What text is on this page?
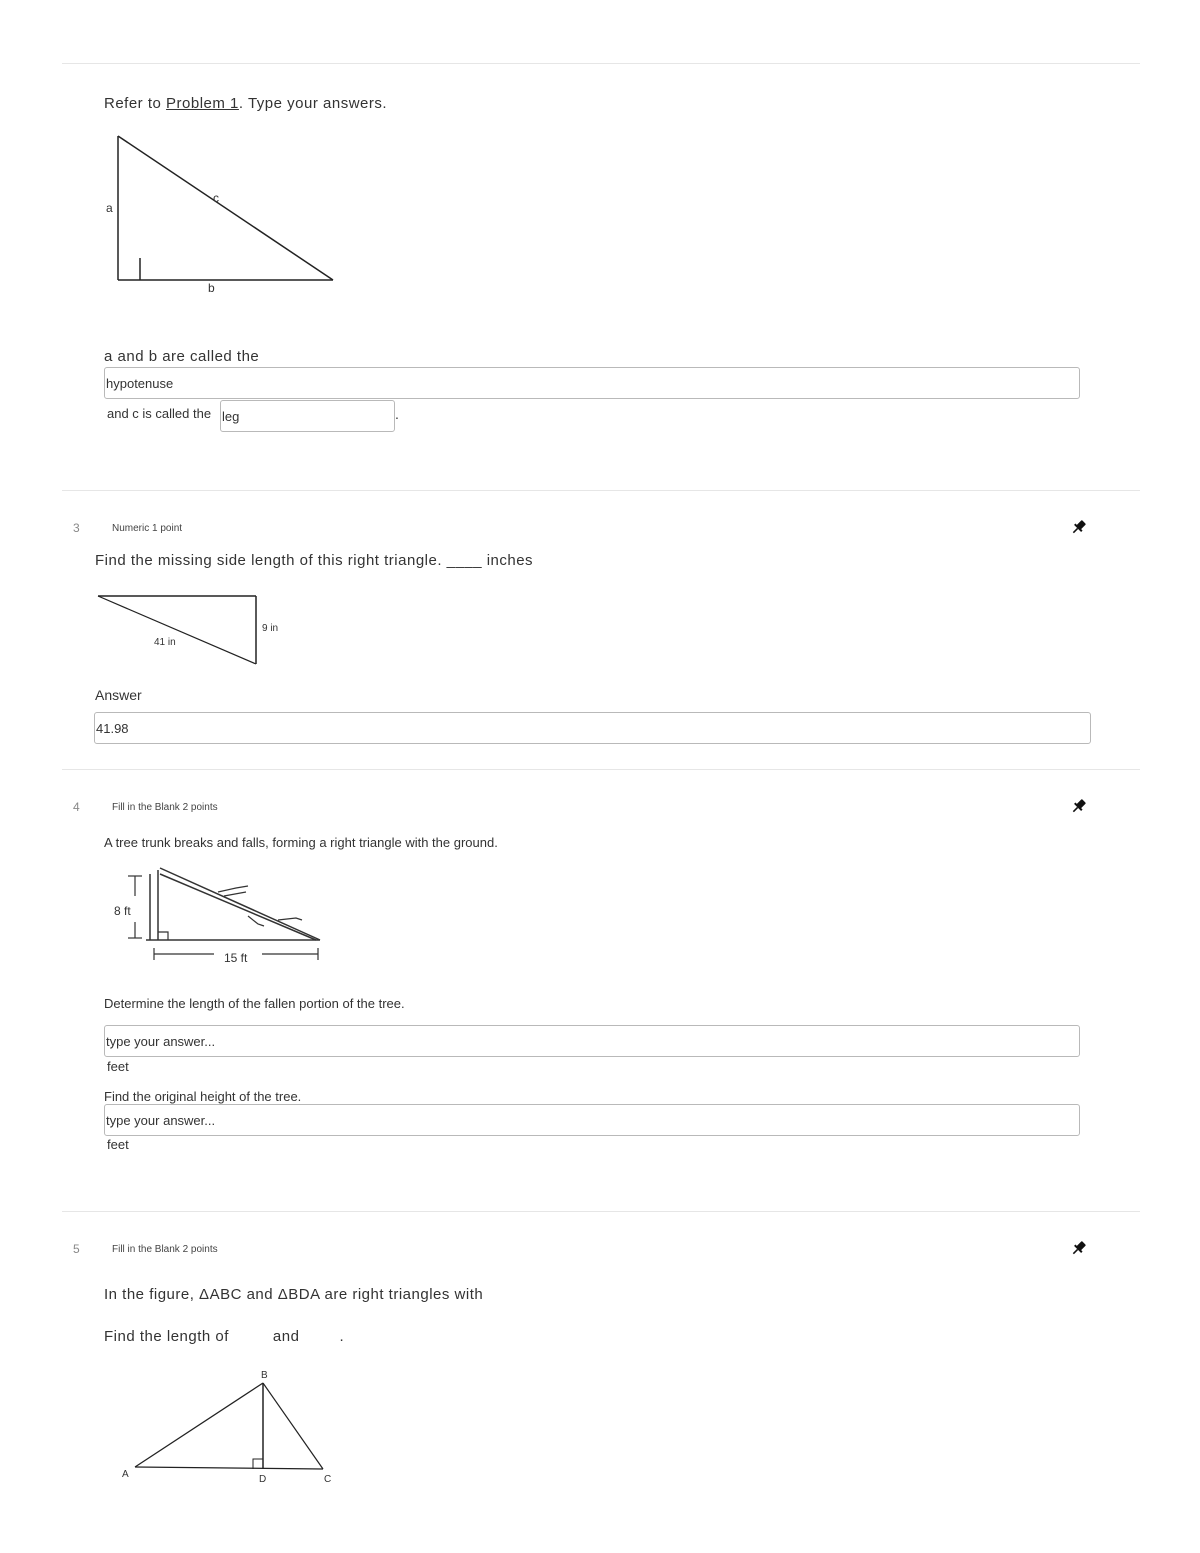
Refer to Problem 1. Type your answers.
a
c
b
a and b are called the
hypotenuse
and c is called the
leg	.
3	Numeric 1 point
Find the missing side length of this right triangle. ____ inches
41 in
9 in
Answer
41.98
4	Fill in the Blank 2 points
A tree trunk breaks and falls, forming a right triangle with the ground.
8 ft
15 ft
Determine the length of the fallen portion of the tree.
type your answer...
feet
Find the original height of the tree.
type your answer...
feet
5	Fill in the Blank 2 points
In the figure, ΔABC and ΔBDA are right triangles with
Find the length of	and	.
B
A	D	C
